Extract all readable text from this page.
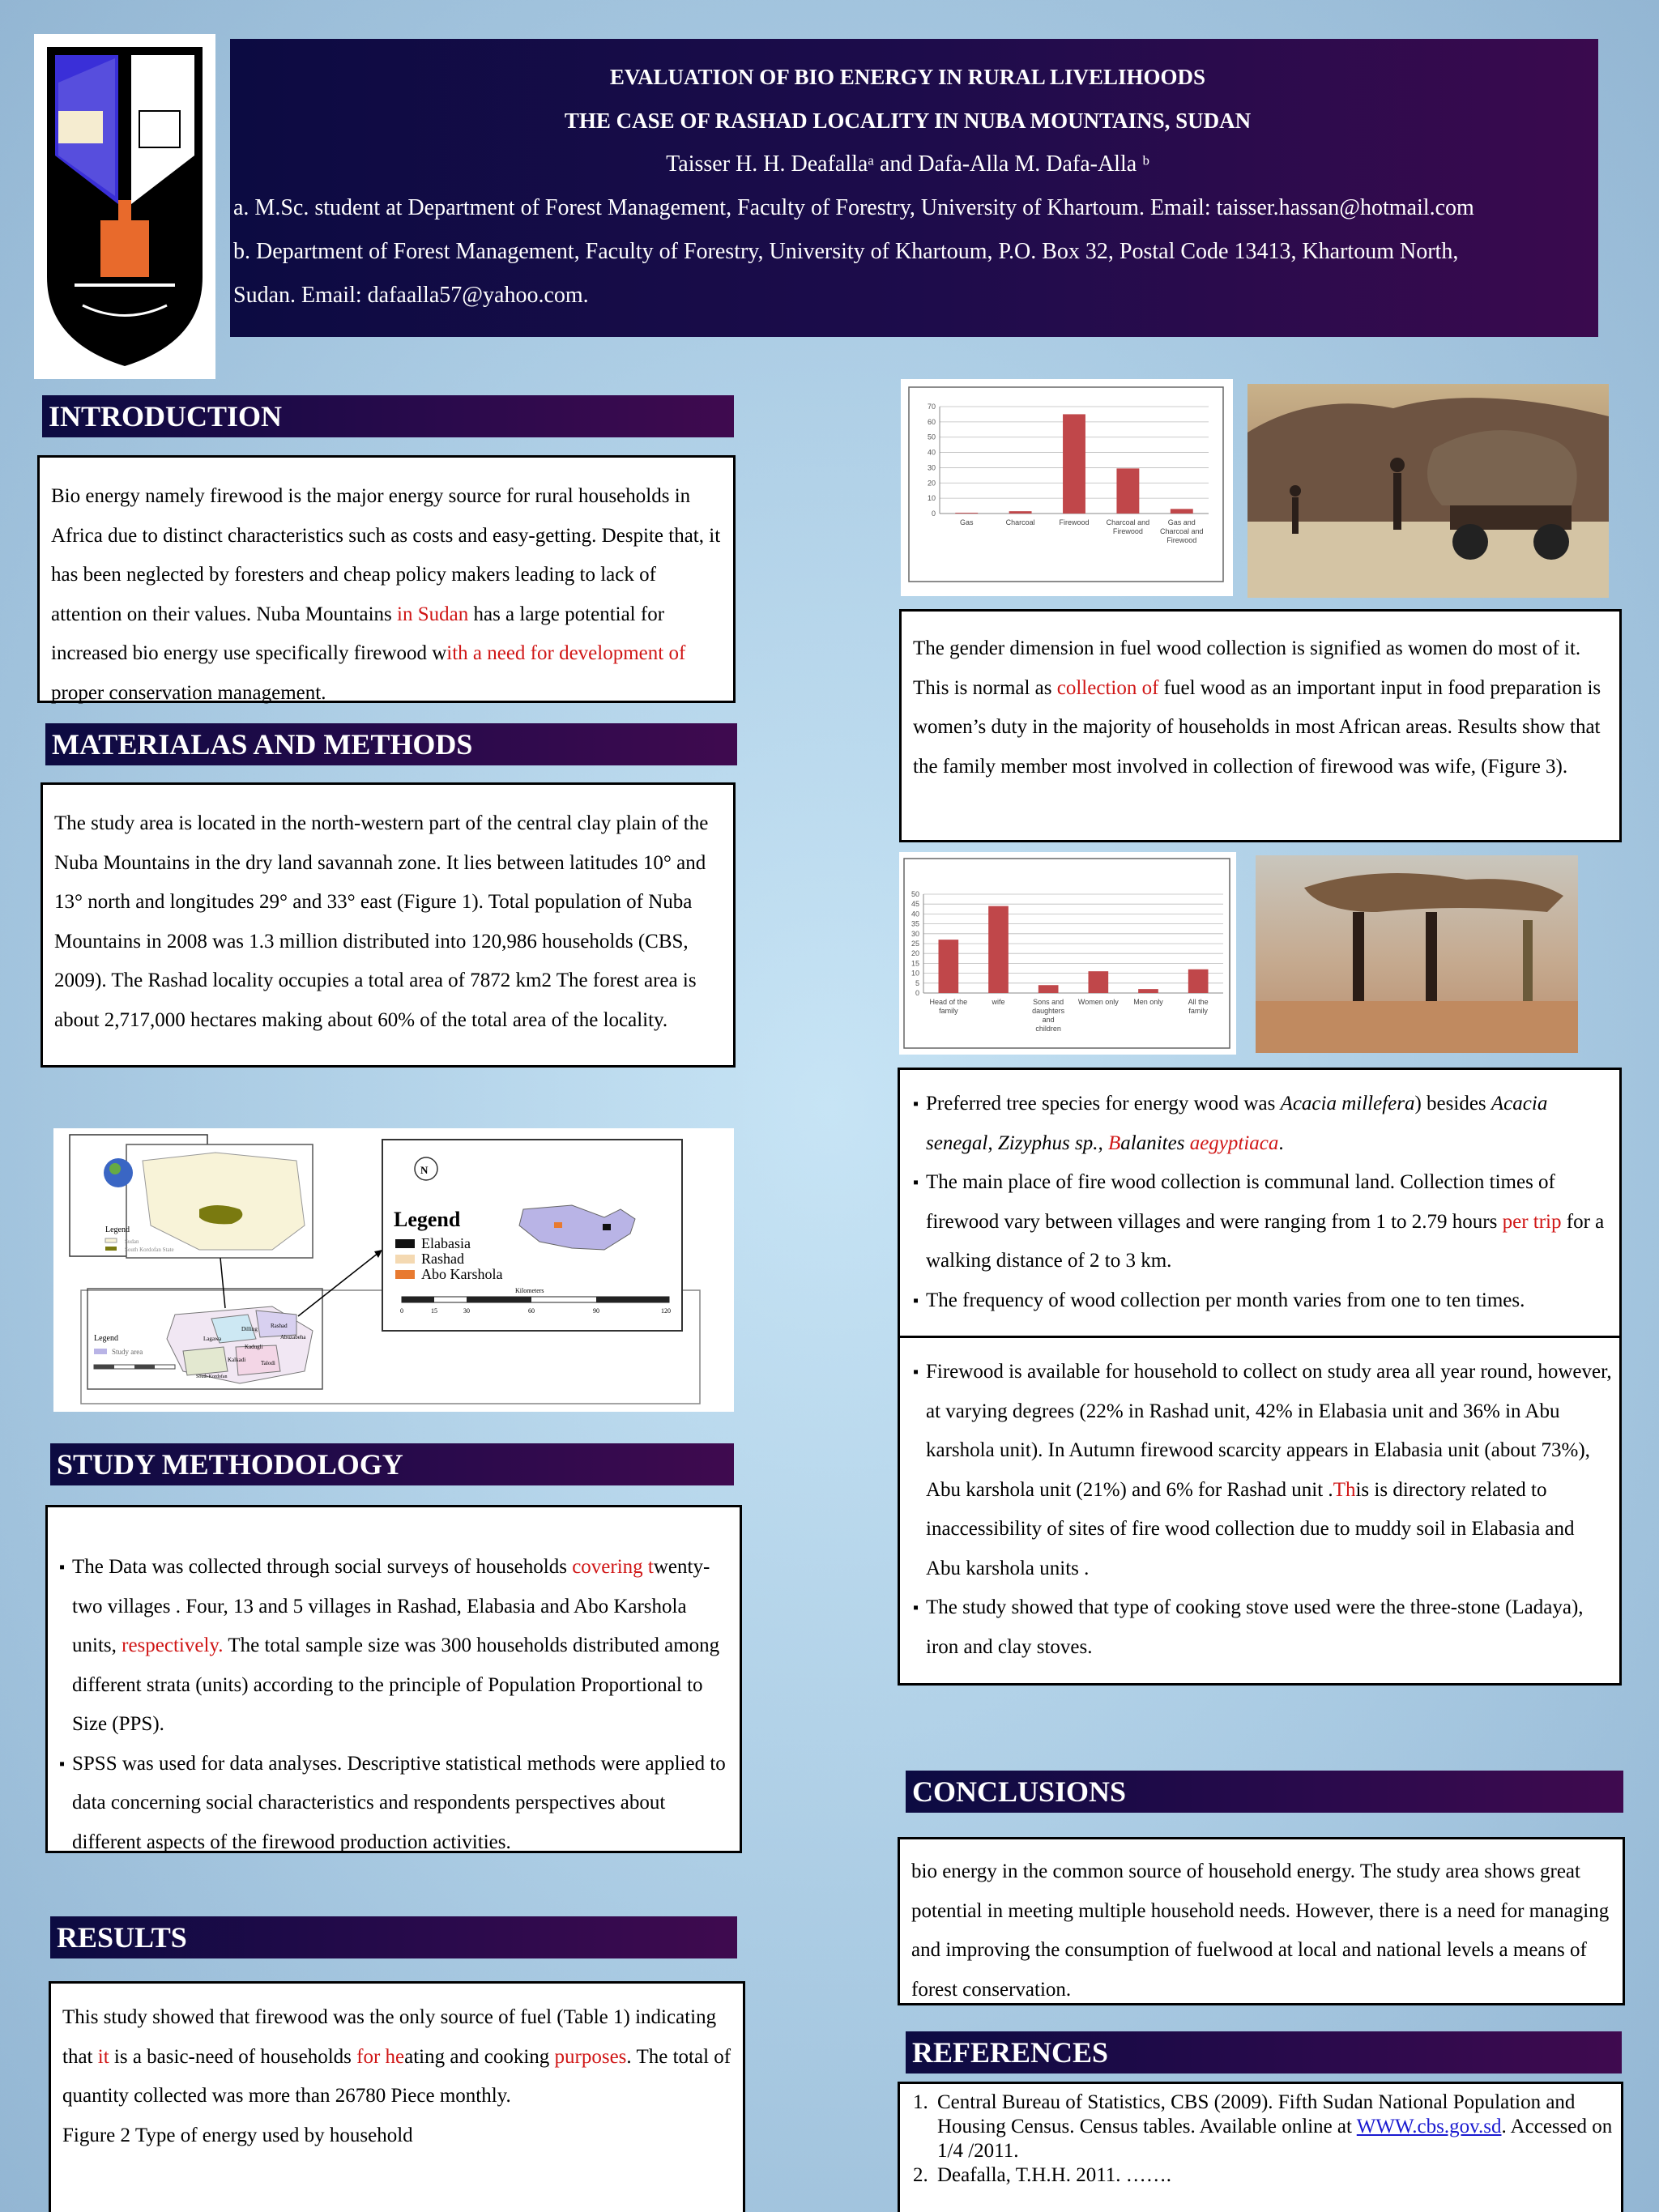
EVALUATION OF BIO ENERGY IN RURAL LIVELIHOODS
THE CASE OF RASHAD LOCALITY IN NUBA MOUNTAINS, SUDAN
Taisser H. H. Deafallaᵃ and Dafa-Alla M. Dafa-Alla ᵇ
a. M.Sc. student at Department of Forest Management, Faculty of Forestry, University of Khartoum. Email: taisser.hassan@hotmail.com
b. Department of Forest Management, Faculty of Forestry, University of Khartoum, P.O. Box 32, Postal Code 13413, Khartoum North,
Sudan. Email: dafaalla57@yahoo.com.
INTRODUCTION
Bio energy namely firewood is the major energy source for rural households in Africa due to distinct characteristics such as costs and easy-getting. Despite that, it has been neglected by foresters and cheap policy makers leading to lack of attention on their values. Nuba Mountains in Sudan has a large potential for increased bio energy use specifically firewood with a need for development of proper conservation management.
MATERIALAS AND METHODS
The study area is located in the north-western part of the central clay plain of the Nuba Mountains in the dry land savannah zone. It lies between latitudes 10° and 13° north and longitudes 29° and 33° east (Figure 1). Total population of Nuba Mountains in 2008 was 1.3 million distributed into 120,986 households (CBS, 2009). The Rashad locality occupies a total area of 7872 km2 The forest area is about 2,717,000 hectares making about 60% of the total area of the locality.
Legend
Sudan
South Kordofan State
Dilling Rashad
Abuzabeha
Kadugli
Talodi
Lagawa
Kalkadi
South Kordofan
Legend
Study area
N
Legend
Elabasia
Rashad
Abo Karshola
Kilometers
0	15	30	60	90	120
STUDY METHODOLOGY
▪ The Data was collected through social surveys of households covering twenty-two villages . Four, 13 and 5 villages in Rashad, Elabasia and Abo Karshola units, respectively. The total sample size was 300 households distributed among different strata (units) according to the principle of Population Proportional to Size (PPS).
▪ SPSS was used for data analyses. Descriptive statistical methods were applied to data concerning social characteristics and respondents perspectives about different aspects of the firewood production activities.
RESULTS
This study showed that firewood was the only source of fuel (Table 1) indicating that it is a basic-need of households for heating and cooking purposes. The total of quantity collected was more than 26780 Piece monthly.
Figure 2 Type of energy used by household
0
10
20
30
40
50
60
70
Gas	Charcoal	Firewood Charcoal and
Firewood
Gas and
Charcoal and
Firewood
The gender dimension in fuel wood collection is signified as women do most of it. This is normal as collection of fuel wood as an important input in food preparation is women’s duty in the majority of households in most African areas. Results show that the family member most involved in collection of firewood was wife, (Figure 3).
0
5
10
15
20
25
30
35
40
45
50
Head of the
family
wife	Sons and
daughters
and
children
Women only Men only	All the
family
▪ Preferred tree species for energy wood was Acacia millefera) besides Acacia senegal, Zizyphus sp., Balanites aegyptiaca.
▪ The main place of fire wood collection is communal land. Collection times of firewood vary between villages and were ranging from 1 to 2.79 hours per trip for a walking distance of 2 to 3 km.
▪ The frequency of wood collection per month varies from one to ten times.
▪ Firewood is available for household to collect on study area all year round, however, at varying degrees (22% in Rashad unit, 42% in Elabasia unit and 36% in Abu karshola unit). In Autumn firewood scarcity appears in Elabasia unit (about 73%), Abu karshola unit (21%) and 6% for Rashad unit .This is directory related to inaccessibility of sites of fire wood collection due to muddy soil in Elabasia and Abu karshola units .
▪ The study showed that type of cooking stove used were the three-stone (Ladaya), iron and clay stoves.
CONCLUSIONS
bio energy in the common source of household energy. The study area shows great potential in meeting multiple household needs. However, there is a need for managing and improving the consumption of fuelwood at local and national levels a means of forest conservation.
REFERENCES
1. Central Bureau of Statistics, CBS (2009). Fifth Sudan National Population and Housing Census. Census tables. Available online at WWW.cbs.gov.sd. Accessed on 1/4 /2011.
2. Deafalla, T.H.H. 2011. …….
